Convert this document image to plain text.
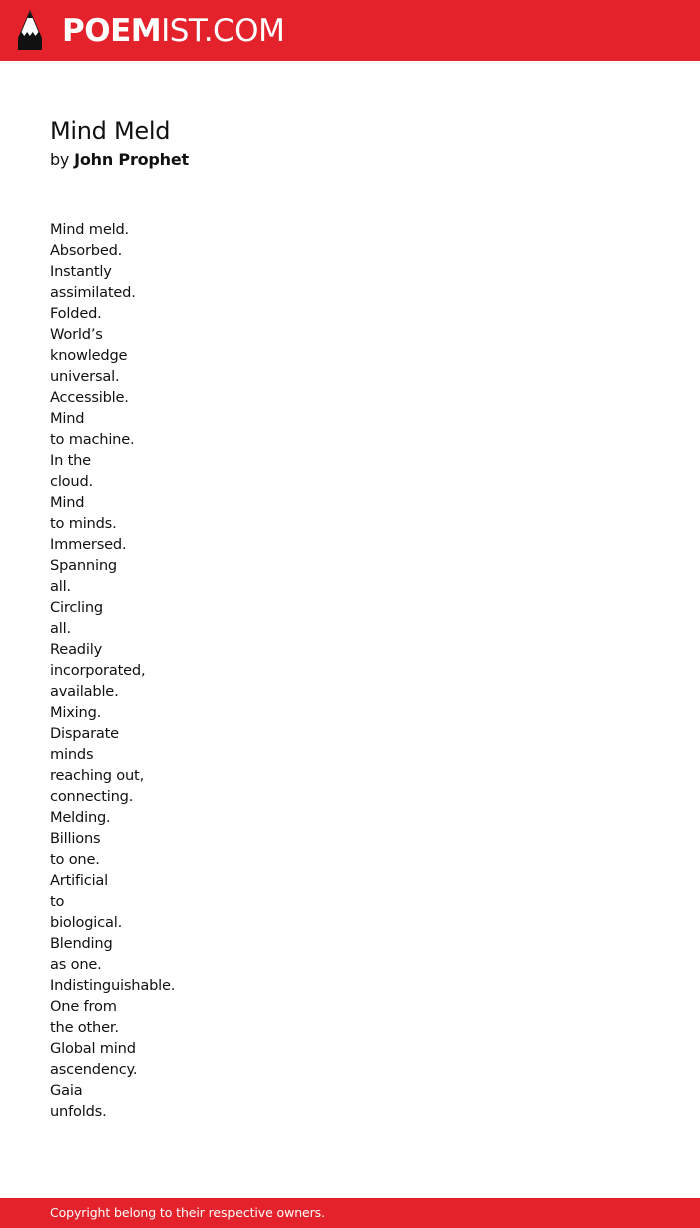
POEMIST.COM
Mind Meld
by John Prophet
Mind meld.
Absorbed.
Instantly
assimilated.
Folded.
World’s
knowledge
universal.
Accessible.
Mind
to machine.
In the
cloud.
Mind
to minds.
Immersed.
Spanning
all.
Circling
all.
Readily
incorporated,
available.
Mixing.
Disparate
minds
reaching out,
connecting.
Melding.
Billions
to one.
Artificial
to
biological.
Blending
as one.
Indistinguishable.
One from
the other.
Global mind
ascendency.
Gaia
unfolds.
Copyright belong to their respective owners.
